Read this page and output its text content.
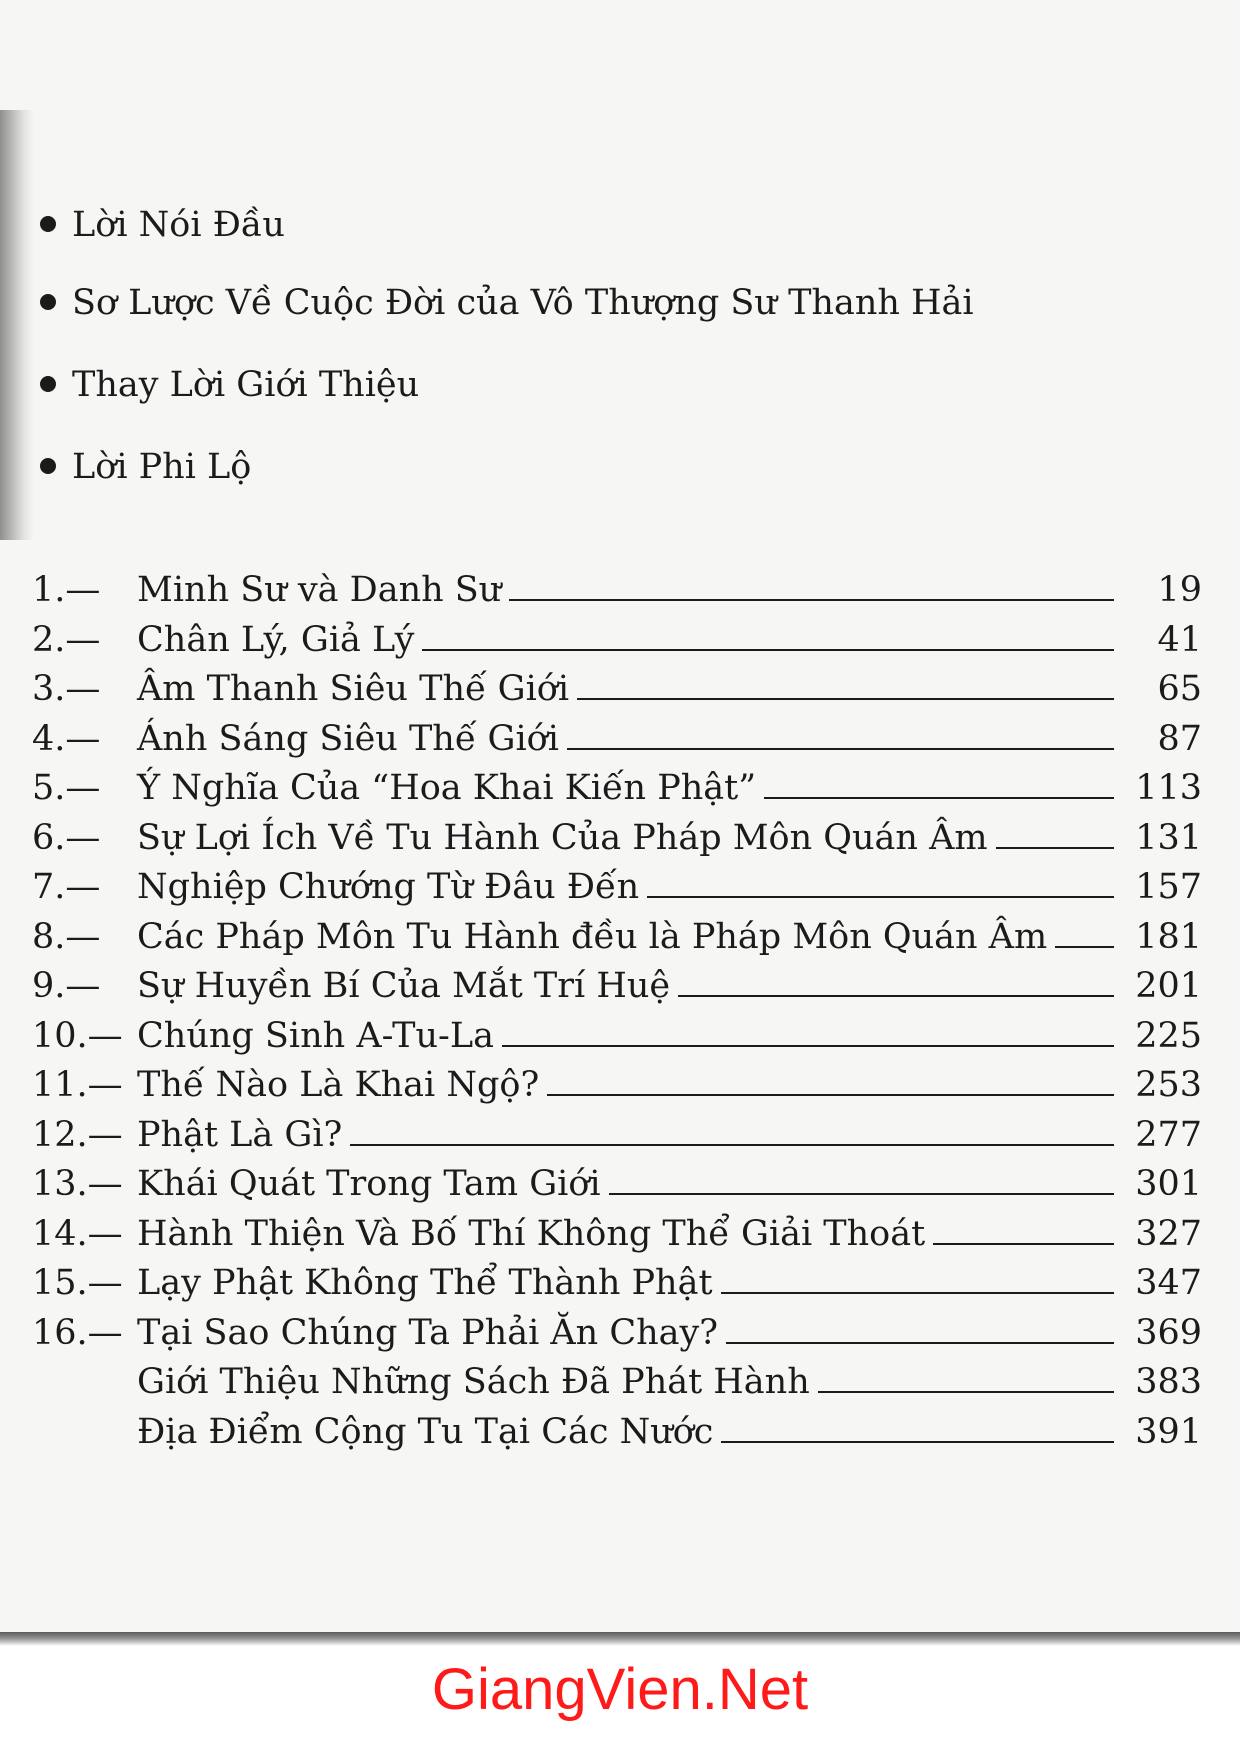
Lời Nói Đầu
Sơ Lược Về Cuộc Đời của Vô Thượng Sư Thanh Hải
Thay Lời Giới Thiệu
Lời Phi Lộ
1.—	Minh Sư và Danh Sư	19
2.—	Chân Lý, Giả Lý	41
3.—	Âm Thanh Siêu Thế Giới	65
4.—	Ánh Sáng Siêu Thế Giới	87
5.—	Ý Nghĩa Của “Hoa Khai Kiến Phật”	113
6.—	Sự Lợi Ích Về Tu Hành Của Pháp Môn Quán Âm	131
7.—	Nghiệp Chướng Từ Đâu Đến	157
8.—	Các Pháp Môn Tu Hành đều là Pháp Môn Quán Âm	181
9.—	Sự Huyền Bí Của Mắt Trí Huệ	201
10.— Chúng Sinh A-Tu-La	225
11.— Thế Nào Là Khai Ngộ?	253
12.— Phật Là Gì?	277
13.— Khái Quát Trong Tam Giới	301
14.— Hành Thiện Và Bố Thí Không Thể Giải Thoát	327
15.— Lạy Phật Không Thể Thành Phật	347
16.— Tại Sao Chúng Ta Phải Ăn Chay?	369
Giới Thiệu Những Sách Đã Phát Hành	383
Địa Điểm Cộng Tu Tại Các Nước	391
GiangVien.Net
